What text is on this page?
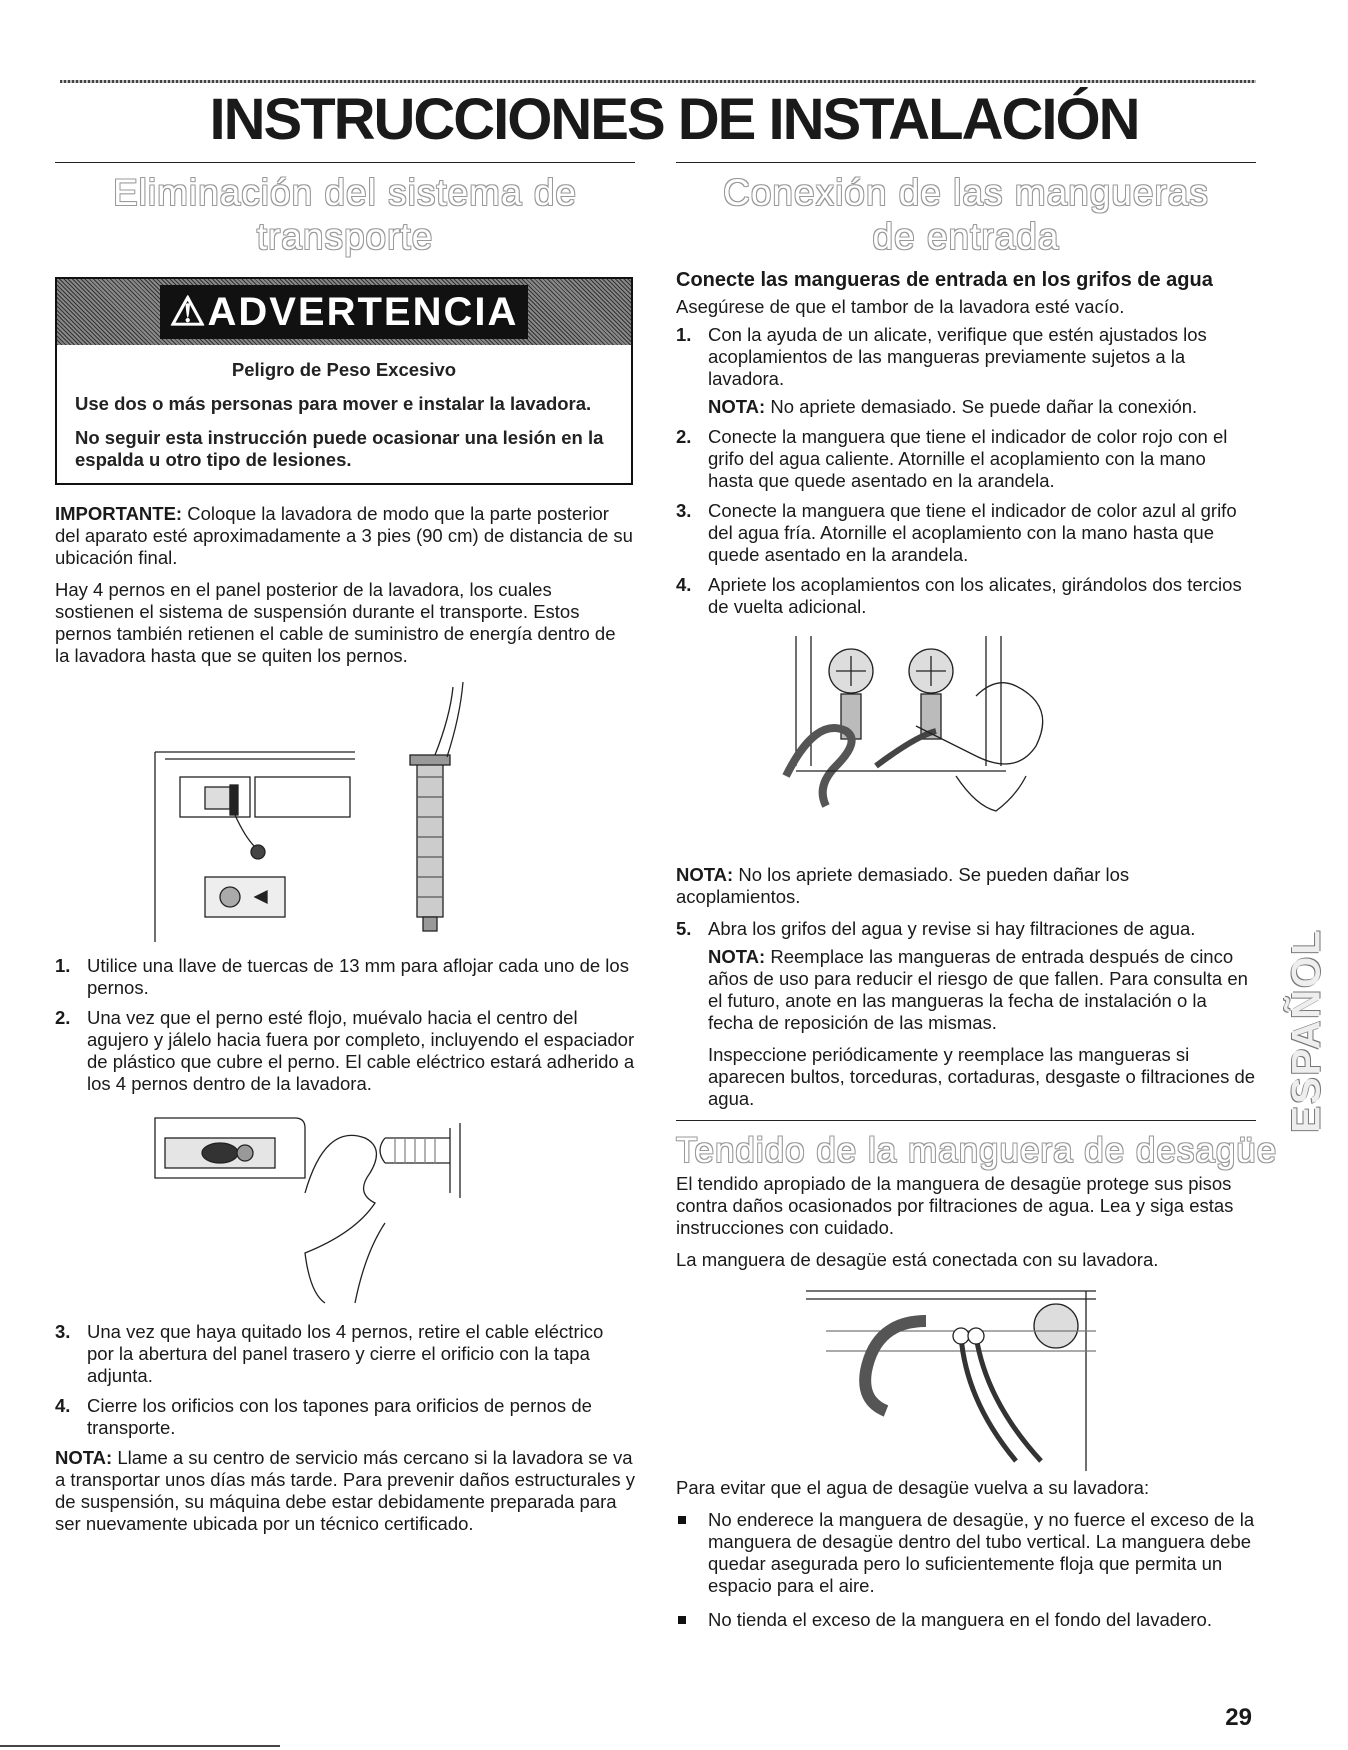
INSTRUCCIONES DE INSTALACIÓN
Eliminación del sistema de transporte
⚠ADVERTENCIA

Peligro de Peso Excesivo

Use dos o más personas para mover e instalar la lavadora.

No seguir esta instrucción puede ocasionar una lesión en la espalda u otro tipo de lesiones.

IMPORTANTE: Coloque la lavadora de modo que la parte posterior del aparato esté aproximadamente a 3 pies (90 cm) de distancia de su ubicación final.

Hay 4 pernos en el panel posterior de la lavadora, los cuales sostienen el sistema de suspensión durante el transporte. Estos pernos también retienen el cable de suministro de energía dentro de la lavadora hasta que se quiten los pernos.

1. Utilice una llave de tuercas de 13 mm para aflojar cada uno de los pernos.
2. Una vez que el perno esté flojo, muévalo hacia el centro del agujero y jálelo hacia fuera por completo, incluyendo el espaciador de plástico que cubre el perno. El cable eléctrico estará adherido a los 4 pernos dentro de la lavadora.
3. Una vez que haya quitado los 4 pernos, retire el cable eléctrico por la abertura del panel trasero y cierre el orificio con la tapa adjunta.
4. Cierre los orificios con los tapones para orificios de pernos de transporte.

NOTA: Llame a su centro de servicio más cercano si la lavadora se va a transportar unos días más tarde. Para prevenir daños estructurales y de suspensión, su máquina debe estar debidamente preparada para ser nuevamente ubicada por un técnico certificado.

Conexión de las mangueras
de entrada
Conecte las mangueras de entrada en los grifos de agua

Asegúrese de que el tambor de la lavadora esté vacío.

1. Con la ayuda de un alicate, verifique que estén ajustados los acoplamientos de las mangueras previamente sujetos a la lavadora.
NOTA: No apriete demasiado. Se puede dañar la conexión.
2. Conecte la manguera que tiene el indicador de color rojo con el grifo del agua caliente. Atornille el acoplamiento con la mano hasta que quede asentado en la arandela.
3. Conecte la manguera que tiene el indicador de color azul al grifo del agua fría. Atornille el acoplamiento con la mano hasta que quede asentado en la arandela.
4. Apriete los acoplamientos con los alicates, girándolos dos tercios de vuelta adicional.

NOTA: No los apriete demasiado. Se pueden dañar los acoplamientos.

5. Abra los grifos del agua y revise si hay filtraciones de agua.
NOTA: Reemplace las mangueras de entrada después de cinco años de uso para reducir el riesgo de que fallen. Para consulta en el futuro, anote en las mangueras la fecha de instalación o la fecha de reposición de las mismas.
Inspeccione periódicamente y reemplace las mangueras si aparecen bultos, torceduras, cortaduras, desgaste o filtraciones de agua.
Tendido de la manguera de desagüe

El tendido apropiado de la manguera de desagüe protege sus pisos contra daños ocasionados por filtraciones de agua. Lea y siga estas instrucciones con cuidado.

La manguera de desagüe está conectada con su lavadora.

Para evitar que el agua de desagüe vuelva a su lavadora:

No enderece la manguera de desagüe, y no fuerce el exceso de la manguera de desagüe dentro del tubo vertical. La manguera debe quedar asegurada pero lo suficientemente floja que permita un espacio para el aire.
No tienda el exceso de la manguera en el fondo del lavadero.
ESPAÑOL
29
